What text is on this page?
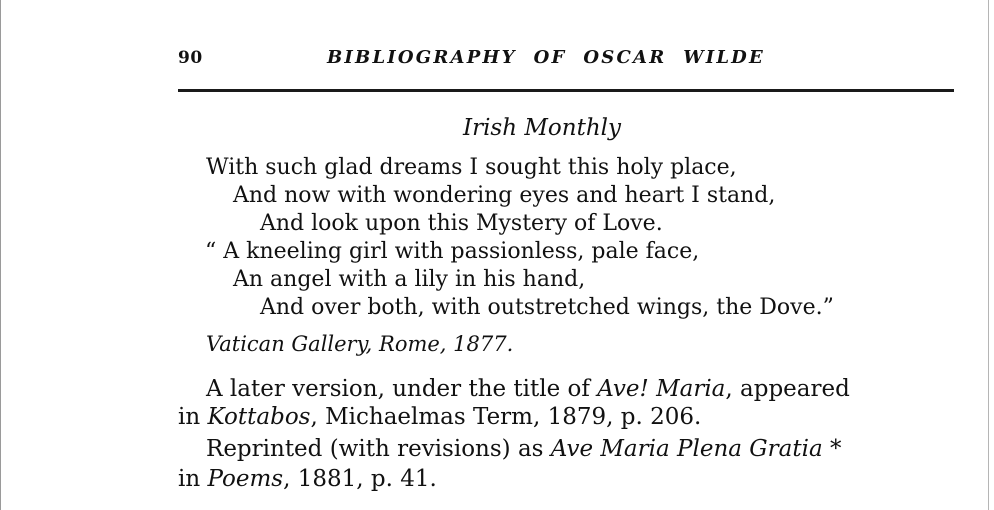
90	BIBLIOGRAPHY  OF  OSCAR  WILDE
Irish Monthly
With such glad dreams I sought this holy place,
And now with wondering eyes and heart I stand,
And look upon this Mystery of Love.
“ A kneeling girl with passionless, pale face,
An angel with a lily in his hand,
And over both, with outstretched wings, the Dove.”
Vatican Gallery, Rome, 1877.
A later version, under the title of Ave! Maria, appeared
in Kottabos, Michaelmas Term, 1879, p. 206.
Reprinted (with revisions) as Ave Maria Plena Gratia *
in Poems, 1881, p. 41.
